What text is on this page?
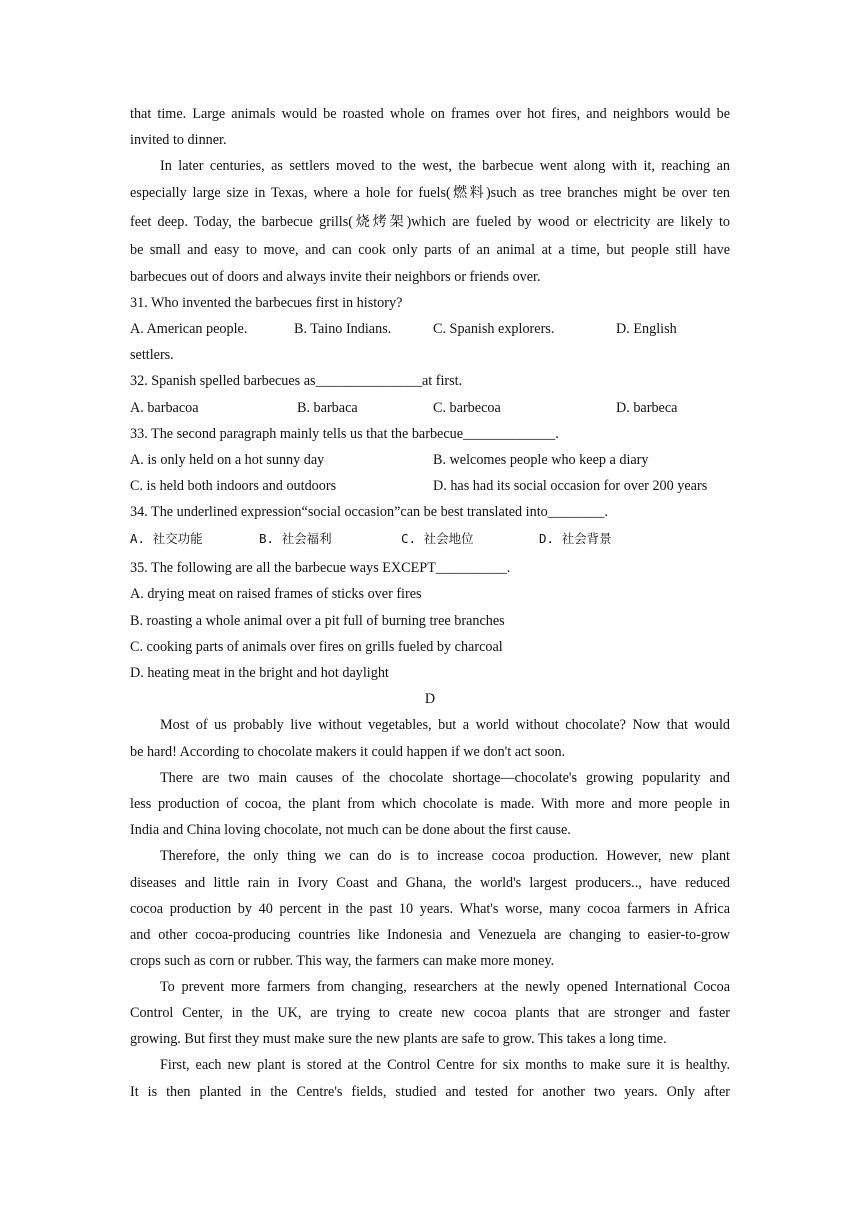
that time. Large animals would be roasted whole on frames over hot fires, and neighbors would be
invited to dinner.
In later centuries, as settlers moved to the west, the barbecue went along with it, reaching an
especially large size in Texas, where a hole for fuels(燃料)such as tree branches might be over ten
feet deep. Today, the barbecue grills(烧烤架)which are fueled by wood or electricity are likely to
be small and easy to move, and can cook only parts of an animal at a time, but people still have
barbecues out of doors and always invite their neighbors or friends over.
31. Who invented the barbecues first in history?
A. American people.	B. Taino Indians.	C. Spanish explorers.	D. English
settlers.
32. Spanish spelled barbecues as_______________at first.
A. barbacoa	B. barbaca	C. barbecoa	D. barbeca
33. The second paragraph mainly tells us that the barbecue_____________.
A. is only held on a hot sunny day	B. welcomes people who keep a diary
C. is held both indoors and outdoors	D. has had its social occasion for over 200 years
34. The underlined expression“social occasion”can be best translated into________.
A. 社交功能	B. 社会福利	C. 社会地位	D. 社会背景
35. The following are all the barbecue ways EXCEPT__________.
A. drying meat on raised frames of sticks over fires
B. roasting a whole animal over a pit full of burning tree branches
C. cooking parts of animals over fires on grills fueled by charcoal
D. heating meat in the bright and hot daylight
D
Most of us probably live without vegetables, but a world without chocolate? Now that would
be hard! According to chocolate makers it could happen if we don't act soon.
There are two main causes of the chocolate shortage—chocolate's growing popularity and
less production of cocoa, the plant from which chocolate is made. With more and more people in
India and China loving chocolate, not much can be done about the first cause.
Therefore, the only thing we can do is to increase cocoa production. However, new plant
diseases and little rain in Ivory Coast and Ghana, the world's largest producers.., have reduced
cocoa production by 40 percent in the past 10 years. What's worse, many cocoa farmers in Africa
and other cocoa-producing countries like Indonesia and Venezuela are changing to easier-to-grow
crops such as corn or rubber. This way, the farmers can make more money.
To prevent more farmers from changing, researchers at the newly opened International Cocoa
Control Center, in the UK, are trying to create new cocoa plants that are stronger and faster
growing. But first they must make sure the new plants are safe to grow. This takes a long time.
First, each new plant is stored at the Control Centre for six months to make sure it is healthy.
It is then planted in the Centre's fields, studied and tested for another two years. Only after
